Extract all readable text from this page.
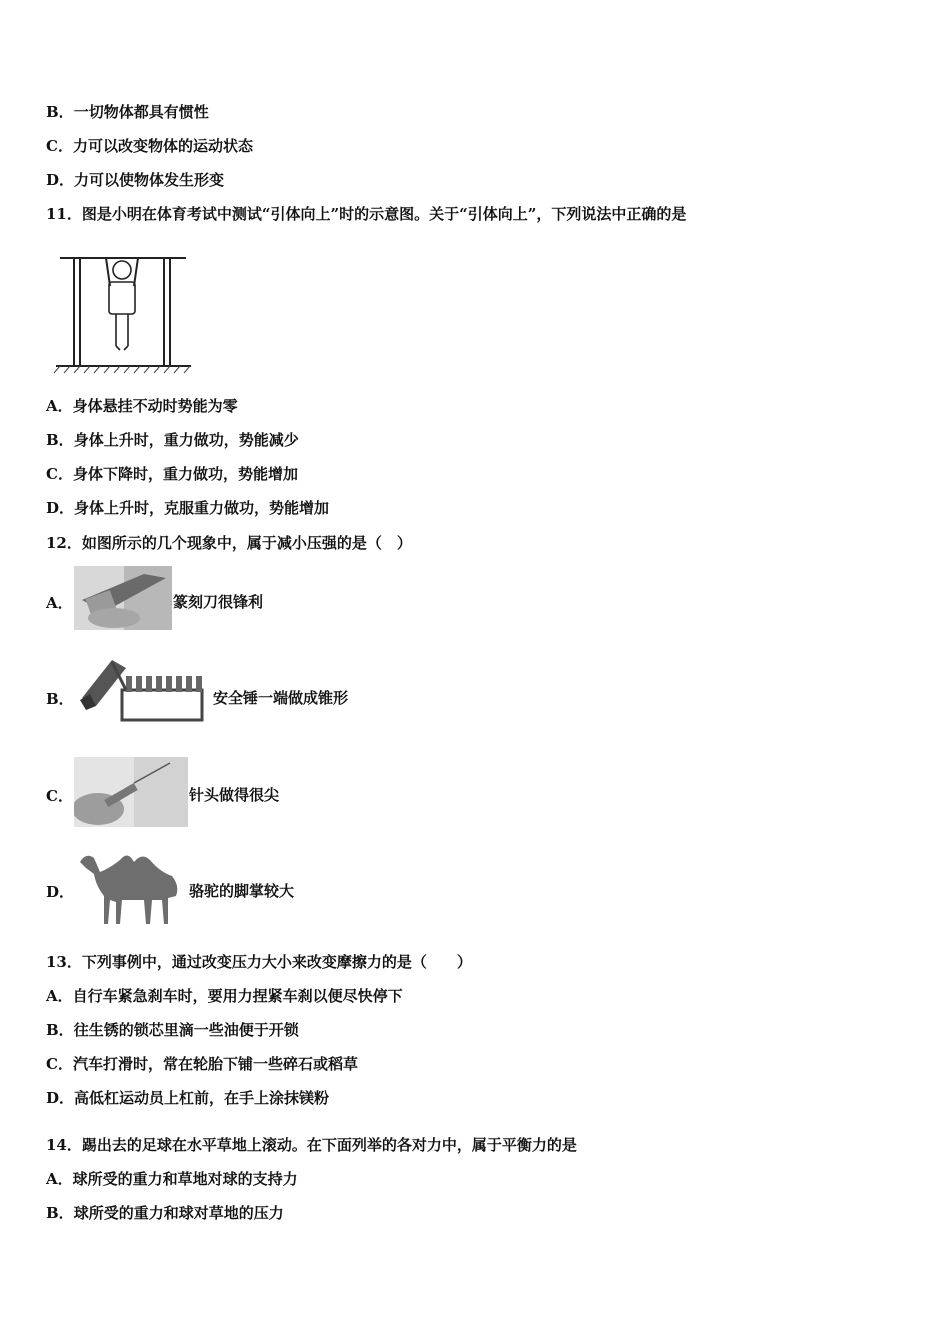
B．一切物体都具有惯性
C．力可以改变物体的运动状态
D．力可以使物体发生形变
11．图是小明在体育考试中测试“引体向上”时的示意图。关于“引体向上”，下列说法中正确的是
A．身体悬挂不动时势能为零
B．身体上升时，重力做功，势能减少
C．身体下降时，重力做功，势能增加
D．身体上升时，克服重力做功，势能增加
12．如图所示的几个现象中，属于减小压强的是（　）
A．	篆刻刀很锋利
B．	安全锤一端做成锥形
C．	针头做得很尖
D．	骆驼的脚掌较大
13．下列事例中，通过改变压力大小来改变摩擦力的是（　　）
A．自行车紧急刹车时，要用力捏紧车刹以便尽快停下
B．往生锈的锁芯里滴一些油便于开锁
C．汽车打滑时，常在轮胎下铺一些碎石或稻草
D．高低杠运动员上杠前，在手上涂抹镁粉
14．踢出去的足球在水平草地上滚动。在下面列举的各对力中，属于平衡力的是
A．球所受的重力和草地对球的支持力
B．球所受的重力和球对草地的压力
